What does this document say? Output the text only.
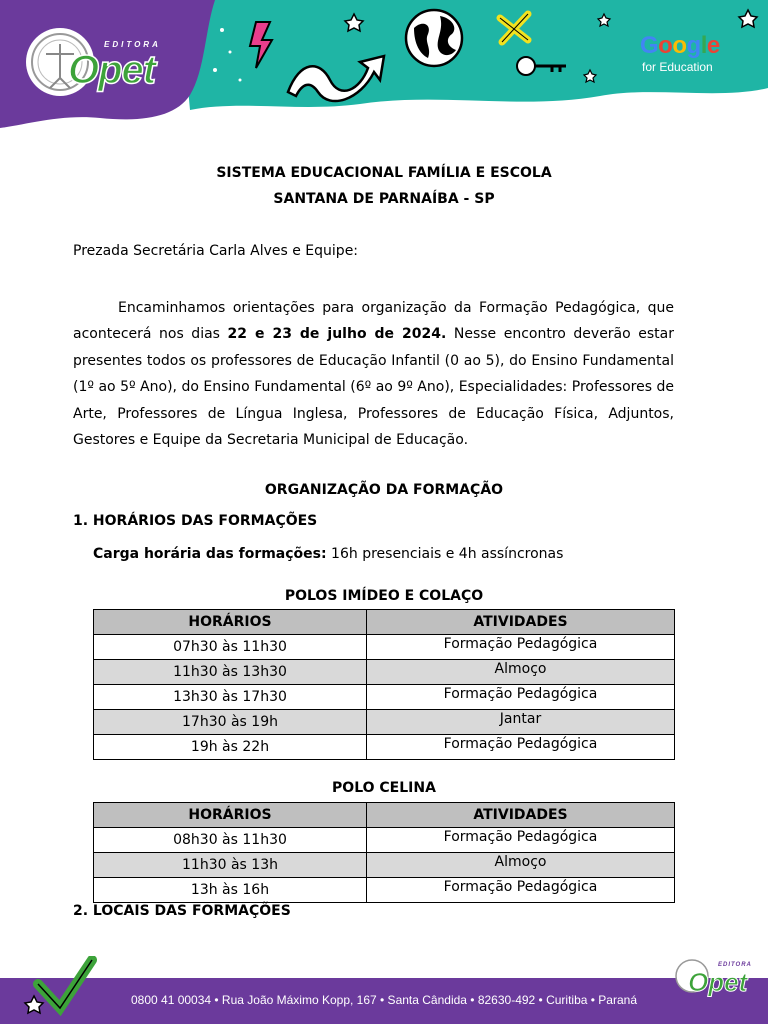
EDITORA
Opet
Google
for Education
SISTEMA EDUCACIONAL FAMÍLIA E ESCOLA
SANTANA DE PARNAÍBA - SP
Prezada Secretária Carla Alves e Equipe:
Encaminhamos orientações para organização da Formação Pedagógica, que acontecerá nos dias 22 e 23 de julho de 2024. Nesse encontro deverão estar presentes todos os professores de Educação Infantil (0 ao 5), do Ensino Fundamental (1º ao 5º Ano), do Ensino Fundamental (6º ao 9º Ano), Especialidades: Professores de Arte, Professores de Língua Inglesa, Professores de Educação Física, Adjuntos, Gestores e Equipe da Secretaria Municipal de Educação.
ORGANIZAÇÃO DA FORMAÇÃO
1. HORÁRIOS DAS FORMAÇÕES
Carga horária das formações: 16h presenciais e 4h assíncronas
POLOS IMÍDEO E COLAÇO
HORÁRIOS	ATIVIDADES
07h30 às 11h30	Formação Pedagógica
11h30 às 13h30	Almoço
13h30 às 17h30	Formação Pedagógica
17h30 às 19h	Jantar
19h às 22h	Formação Pedagógica
POLO CELINA
HORÁRIOS	ATIVIDADES
08h30 às 11h30	Formação Pedagógica
11h30 às 13h	Almoço
13h às 16h	Formação Pedagógica
2. LOCAIS DAS FORMAÇÕES
EDITORA
Opet
0800 41 00034 • Rua João Máximo Kopp, 167 • Santa Cândida • 82630-492 • Curitiba • Paraná
